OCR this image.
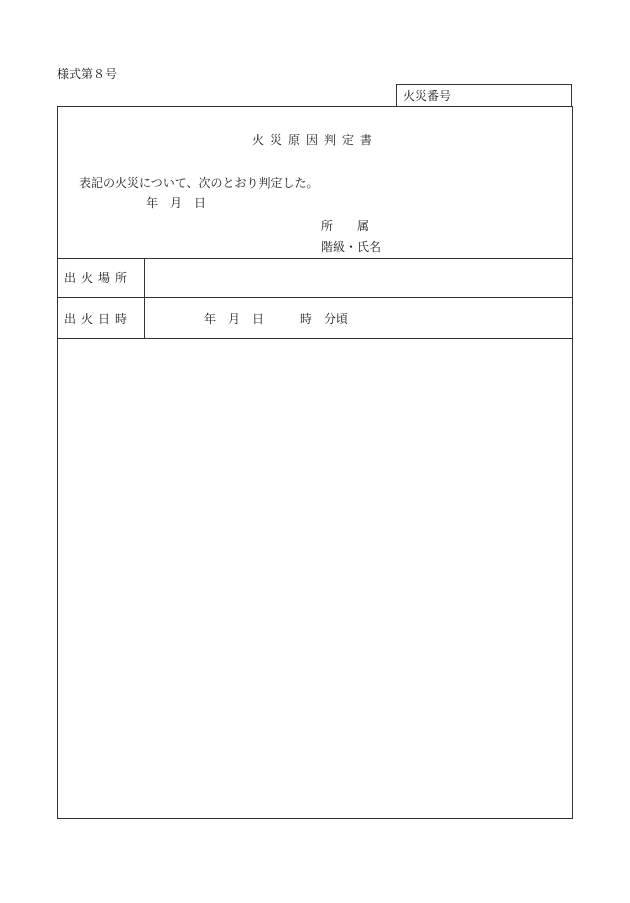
様式第８号
火災番号
火災原因判定書
表記の火災について、次のとおり判定した。
年　月　日
所　　属
階級・氏名
出火場所
出火日時	年　月　日　　　時　分頃
